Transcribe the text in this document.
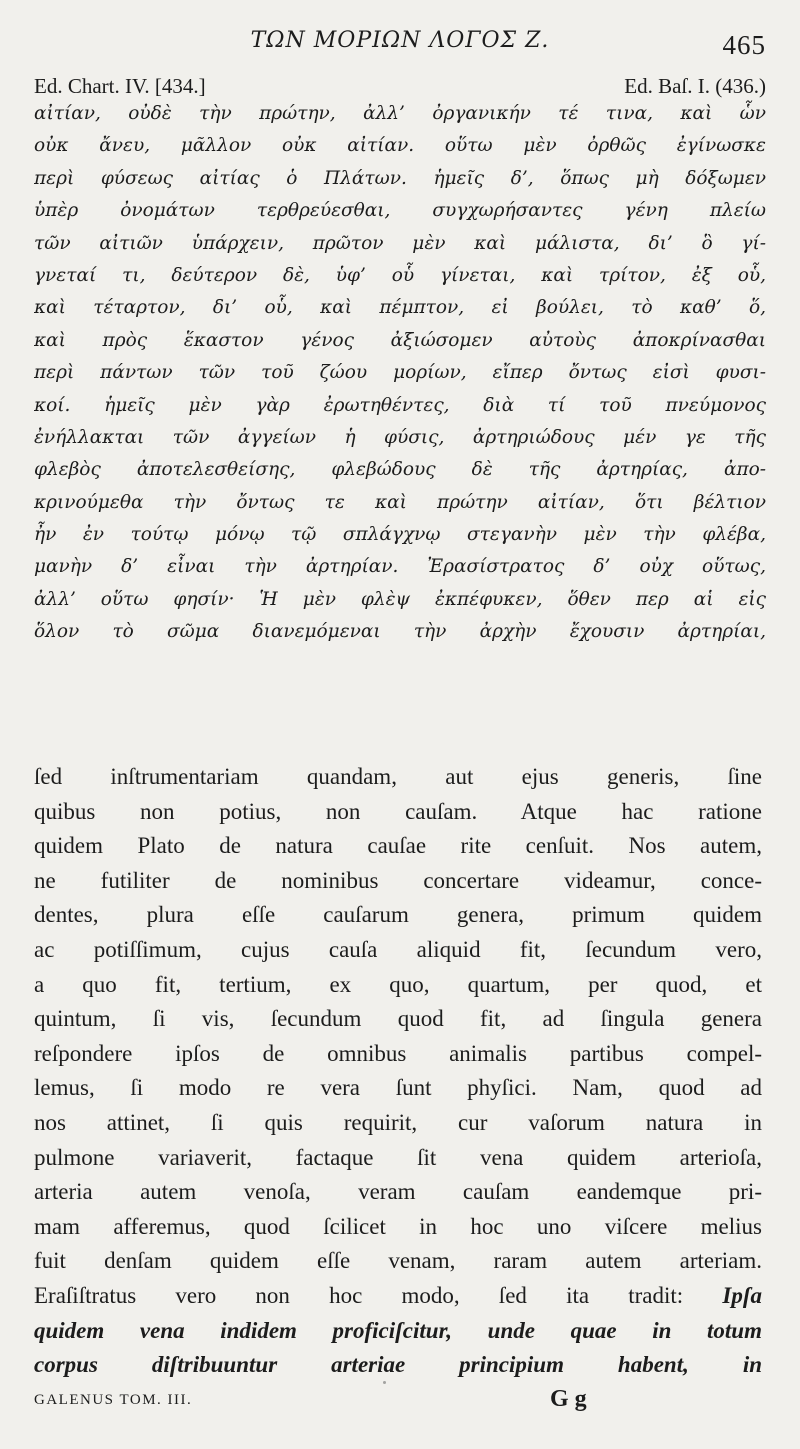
ΤΩΝ ΜΟΡΙΩΝ ΛΟΓΟΣ Ζ.	465
Ed. Chart. IV. [434.]	Ed. Baſ. I. (436.)
αἰτίαν, οὐδὲ τὴν πρώτην, ἀλλ’ ὀργανικήν τέ τινα, καὶ ὧν
οὐκ ἄνευ, μᾶλλον οὐκ αἰτίαν. οὕτω μὲν ὀρθῶς ἐγίνωσκε
περὶ φύσεως αἰτίας ὁ Πλάτων. ἡμεῖς δ’, ὅπως μὴ δόξωμεν
ὑπὲρ ὀνομάτων τερθρεύεσθαι, συγχωρήσαντες γένη πλείω
τῶν αἰτιῶν ὑπάρχειν, πρῶτον μὲν καὶ μάλιστα, δι’ ὃ γί-
γνεταί τι, δεύτερον δὲ, ὑφ’ οὗ γίνεται, καὶ τρίτον, ἐξ οὗ,
καὶ τέταρτον, δι’ οὗ, καὶ πέμπτον, εἰ βούλει, τὸ καθ’ ὅ,
καὶ πρὸς ἕκαστον γένος ἀξιώσομεν αὐτοὺς ἀποκρίνασθαι
περὶ πάντων τῶν τοῦ ζώου μορίων, εἴπερ ὄντως εἰσὶ φυσι-
κοί. ἡμεῖς μὲν γὰρ ἐρωτηθέντες, διὰ τί τοῦ πνεύμονος
ἐνήλλακται τῶν ἀγγείων ἡ φύσις, ἀρτηριώδους μέν γε τῆς
φλεβὸς ἀποτελεσθείσης, φλεβώδους δὲ τῆς ἀρτηρίας, ἀπο-
κρινούμεθα τὴν ὄντως τε καὶ πρώτην αἰτίαν, ὅτι βέλτιον
ἦν ἐν τούτῳ μόνῳ τῷ σπλάγχνῳ στεγανὴν μὲν τὴν φλέβα,
μανὴν δ’ εἶναι τὴν ἀρτηρίαν. Ἐρασίστρατος δ’ οὐχ οὕτως,
ἀλλ’ οὕτω φησίν· Ἡ μὲν φλὲψ ἐκπέφυκεν, ὅθεν περ αἱ εἰς
ὅλον τὸ σῶμα διανεμόμεναι τὴν ἀρχὴν ἔχουσιν ἀρτηρίαι,
ſed inſtrumentariam quandam, aut ejus generis, ſine
quibus non potius, non cauſam. Atque hac ratione
quidem Plato de natura cauſae rite cenſuit. Nos autem,
ne futiliter de nominibus concertare videamur, conce-
dentes, plura eſſe cauſarum genera, primum quidem
ac potiſſimum, cujus cauſa aliquid fit, ſecundum vero,
a quo fit, tertium, ex quo, quartum, per quod, et
quintum, ſi vis, ſecundum quod fit, ad ſingula genera
reſpondere ipſos de omnibus animalis partibus compel-
lemus, ſi modo re vera ſunt phyſici. Nam, quod ad
nos attinet, ſi quis requirit, cur vaſorum natura in
pulmone variaverit, factaque ſit vena quidem arterioſa,
arteria autem venoſa, veram cauſam eandemque pri-
mam afferemus, quod ſcilicet in hoc uno viſcere melius
fuit denſam quidem eſſe venam, raram autem arteriam.
Eraſiſtratus vero non hoc modo, ſed ita tradit: Ipſa
quidem vena indidem proficiſcitur, unde quae in totum
corpus diſtribuuntur arteriae principium habent, in
GALENUS TOM. III.	G g
